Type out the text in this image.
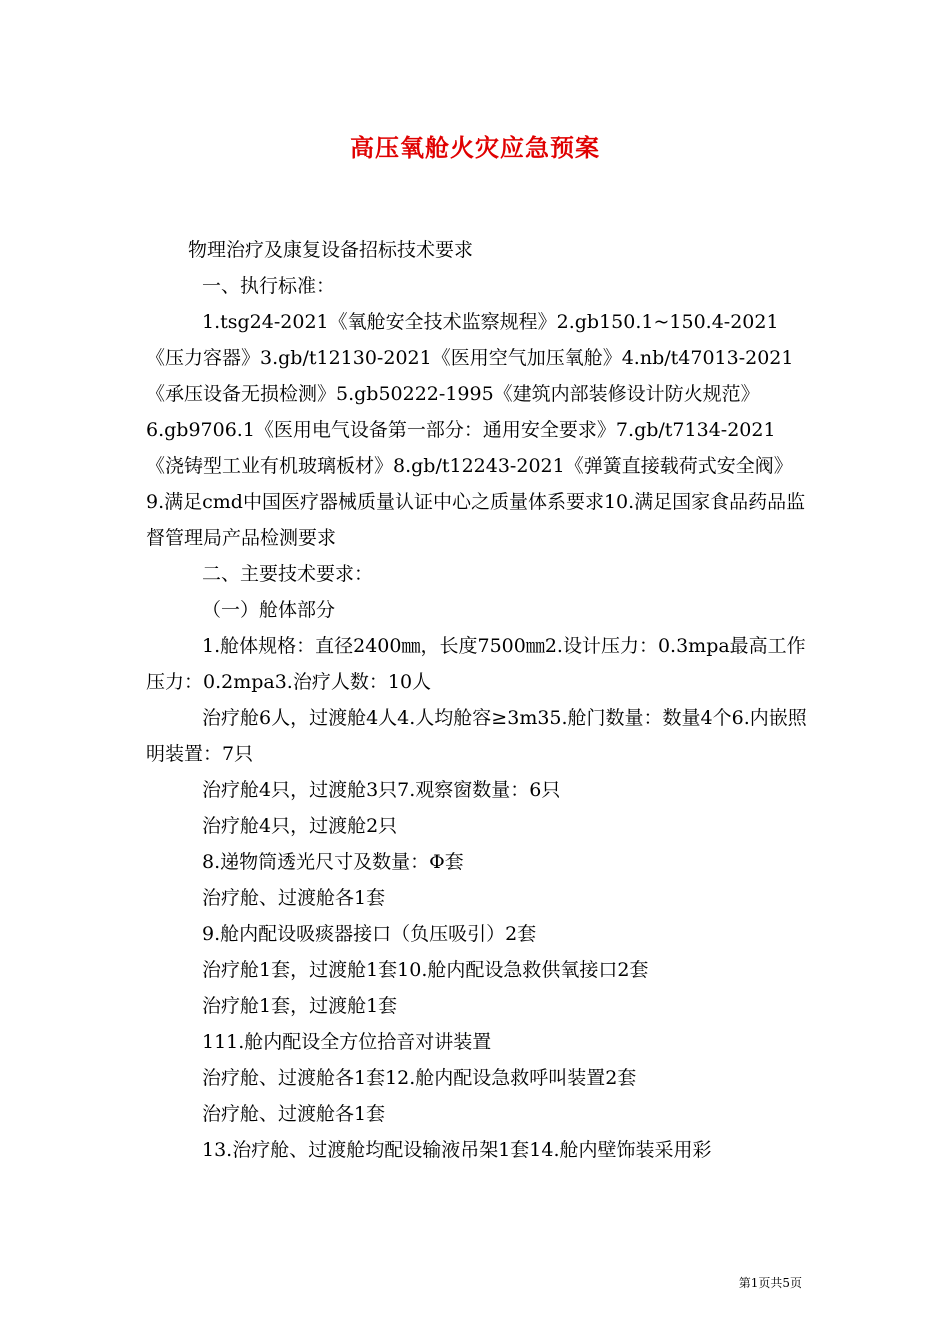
高压氧舱火灾应急预案

物理治疗及康复设备招标技术要求

一、执行标准：

1.tsg24-2021《氧舱安全技术监察规程》2.gb150.1~150.4-2021《压力容器》3.gb/t12130-2021《医用空气加压氧舱》4.nb/t47013-2021《承压设备无损检测》5.gb50222-1995《建筑内部装修设计防火规范》6.gb9706.1《医用电气设备第一部分：通用安全要求》7.gb/t7134-2021《浇铸型工业有机玻璃板材》8.gb/t12243-2021《弹簧直接载荷式安全阀》9.满足cmd中国医疗器械质量认证中心之质量体系要求10.满足国家食品药品监督管理局产品检测要求

二、主要技术要求：

（一）舱体部分

1.舱体规格：直径2400㎜，长度7500㎜2.设计压力：0.3mpa最高工作压力：0.2mpa3.治疗人数：10人

治疗舱6人，过渡舱4人4.人均舱容≥3m35.舱门数量：数量4个6.内嵌照明装置：7只

治疗舱4只，过渡舱3只7.观察窗数量：6只

治疗舱4只，过渡舱2只

8.递物筒透光尺寸及数量：Φ套

治疗舱、过渡舱各1套

9.舱内配设吸痰器接口（负压吸引）2套

治疗舱1套，过渡舱1套10.舱内配设急救供氧接口2套

治疗舱1套，过渡舱1套

111.舱内配设全方位拾音对讲装置

治疗舱、过渡舱各1套12.舱内配设急救呼叫装置2套

治疗舱、过渡舱各1套

13.治疗舱、过渡舱均配设输液吊架1套14.舱内壁饰装采用彩

第1页共5页
